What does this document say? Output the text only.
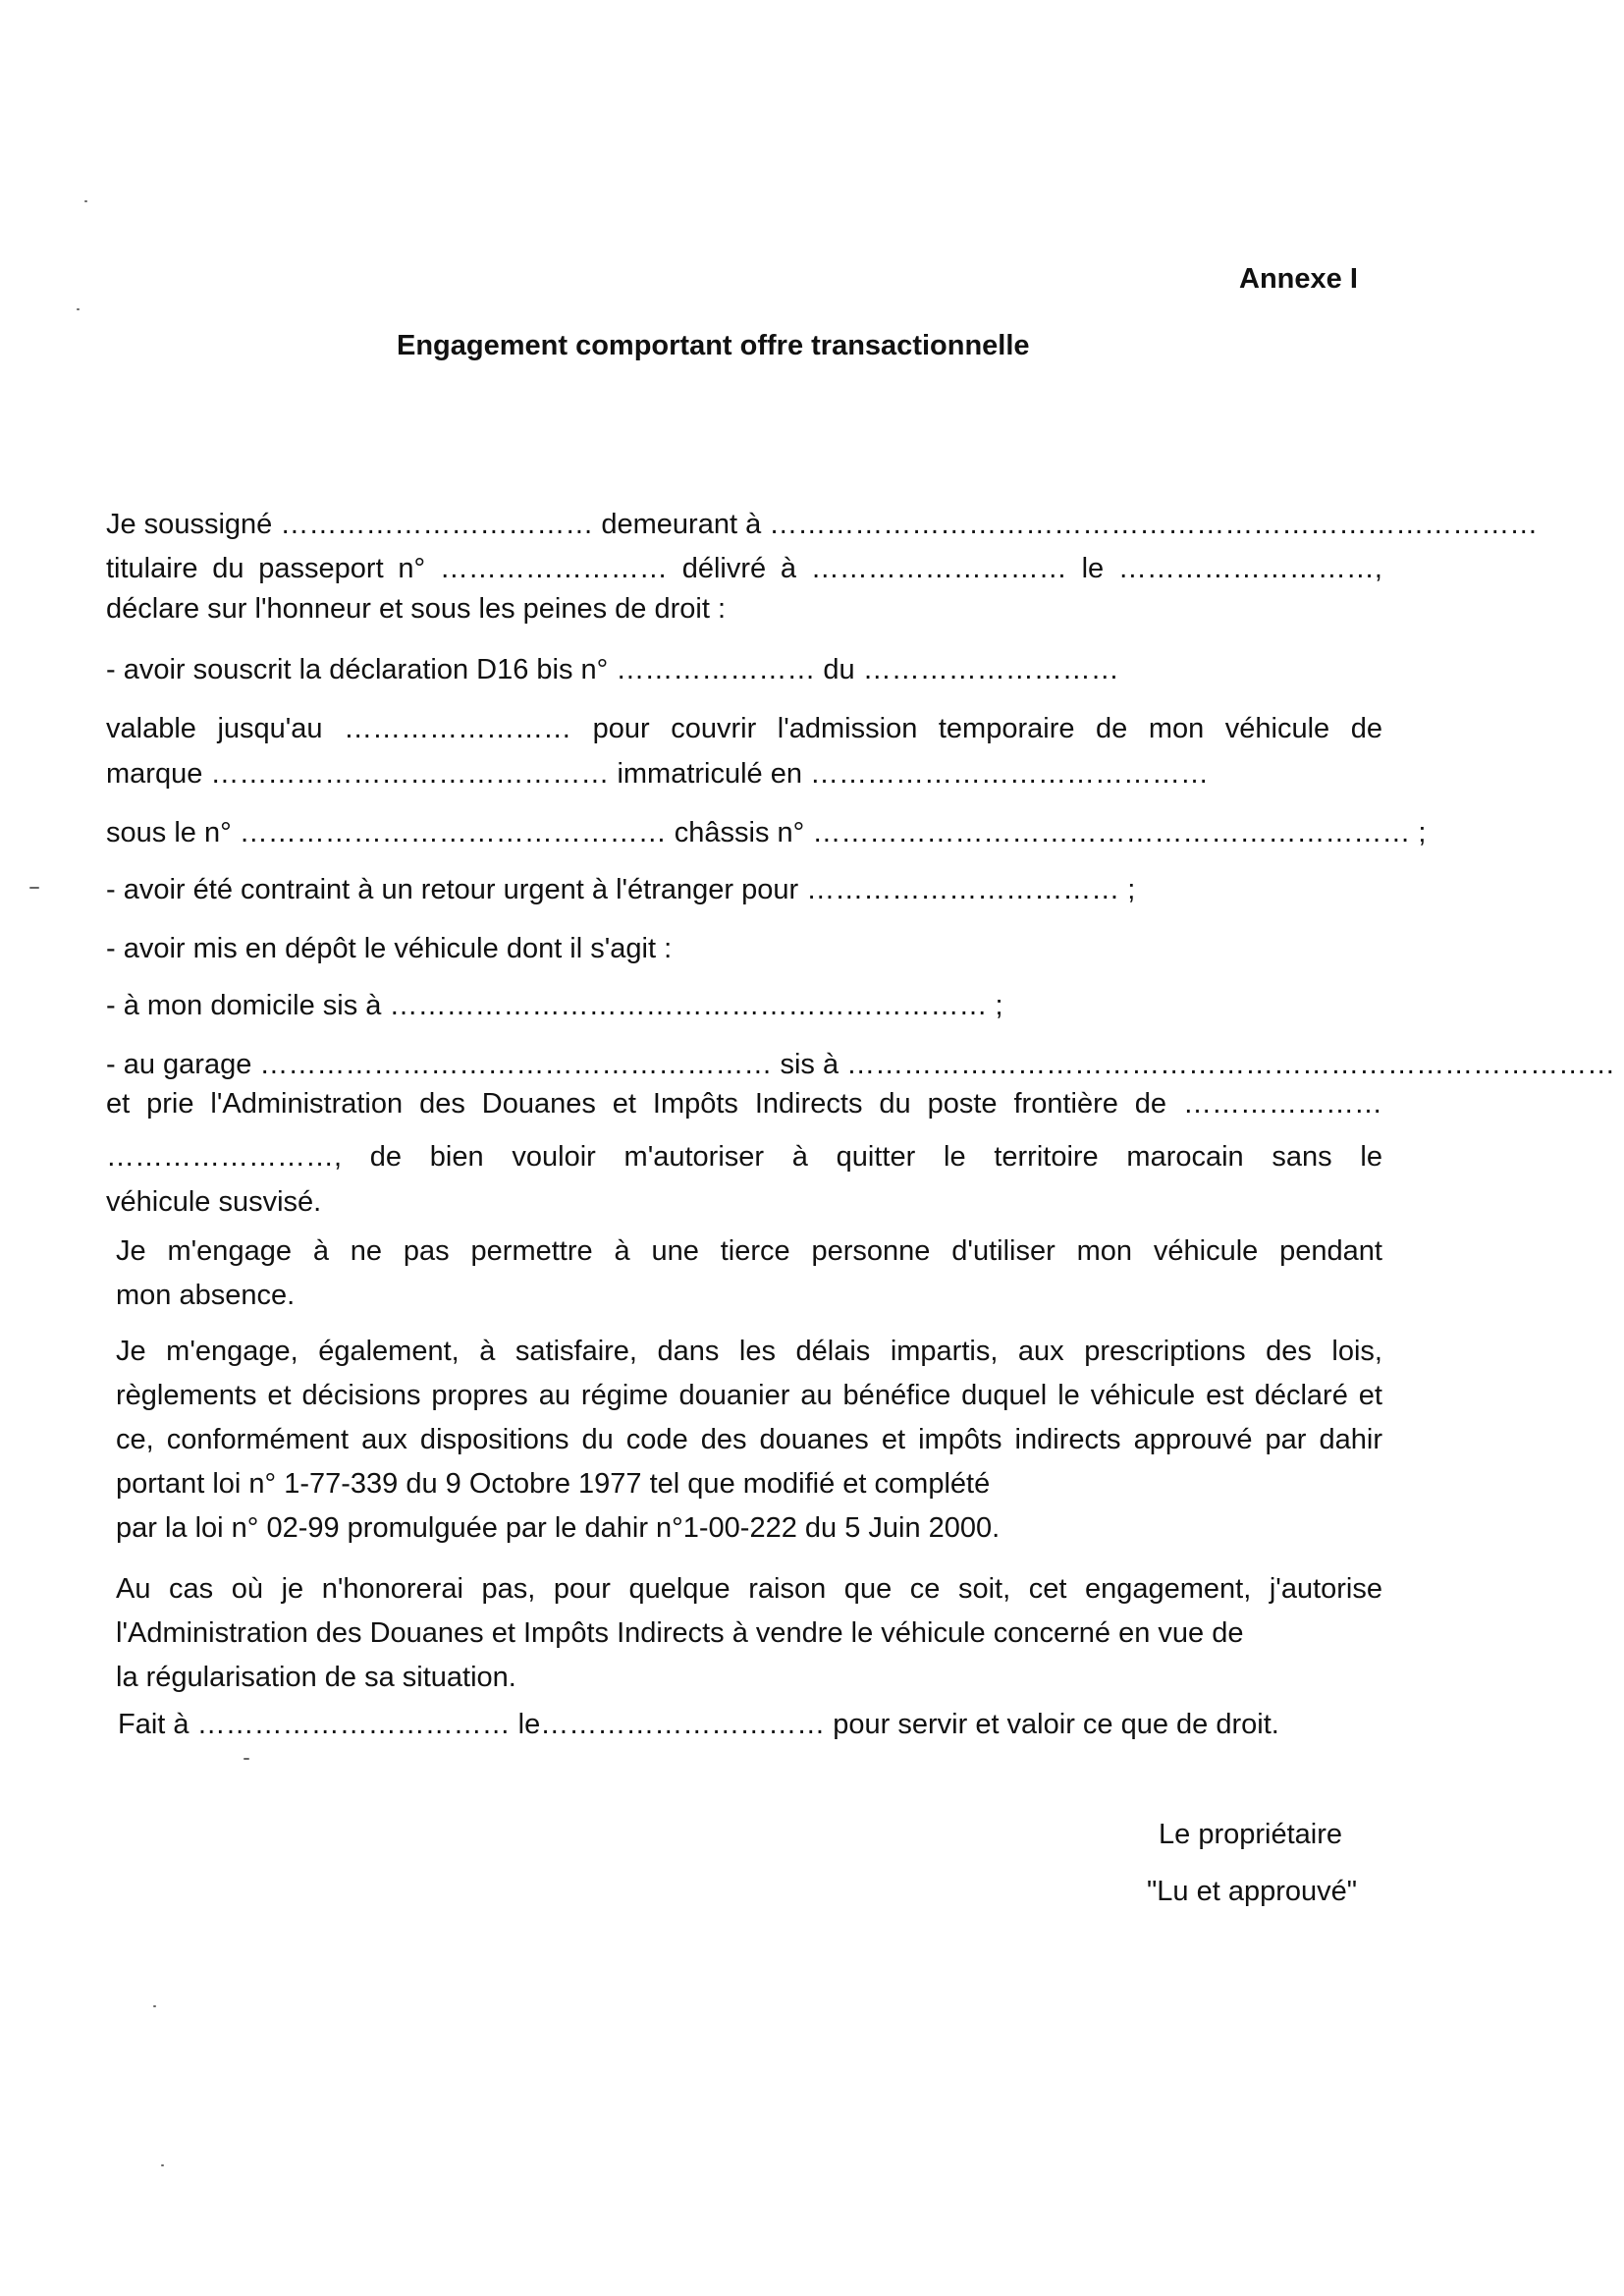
Annexe I
Engagement comportant offre transactionnelle
Je soussigné …………………………… demeurant à ………………………………………………………………………
titulaire du passeport n° …………………… délivré à ……………………… le ………………………,
déclare sur l'honneur et sous les peines de droit :
- avoir souscrit la déclaration D16 bis n° ………………… du ………………………
valable jusqu'au …………………… pour couvrir l'admission temporaire de mon véhicule de
marque …………………………………… immatriculé en ……………………………………
sous le n° ……………………………………… châssis n° ……………………………………………………… ;
- avoir été contraint à un retour urgent à l'étranger pour …………………………… ;
- avoir mis en dépôt le véhicule dont il s'agit :
- à mon domicile sis à ……………………………………………………… ;
- au garage ……………………………………………… sis à ………………………………………………………………………
et prie l'Administration des Douanes et Impôts Indirects du poste frontière de …………………
……………………, de bien vouloir m'autoriser à quitter le territoire marocain sans le
véhicule susvisé.
Je m'engage à ne pas permettre à une tierce personne d'utiliser mon véhicule pendant
mon absence.
Je m'engage, également, à satisfaire, dans les délais impartis, aux prescriptions des lois, règlements et décisions propres au régime douanier au bénéfice duquel le véhicule est déclaré et ce, conformément aux dispositions du code des douanes et impôts indirects approuvé par dahir portant loi n° 1-77-339 du 9 Octobre 1977 tel que modifié et complété
par la loi n° 02-99 promulguée par le dahir n°1-00-222 du 5 Juin 2000.
Au cas où je n'honorerai pas, pour quelque raison que ce soit, cet engagement, j'autorise l'Administration des Douanes et Impôts Indirects à vendre le véhicule concerné en vue de
la régularisation de sa situation.
Fait à …………………………… le………………………… pour servir et valoir ce que de droit.
Le propriétaire
"Lu et approuvé"
